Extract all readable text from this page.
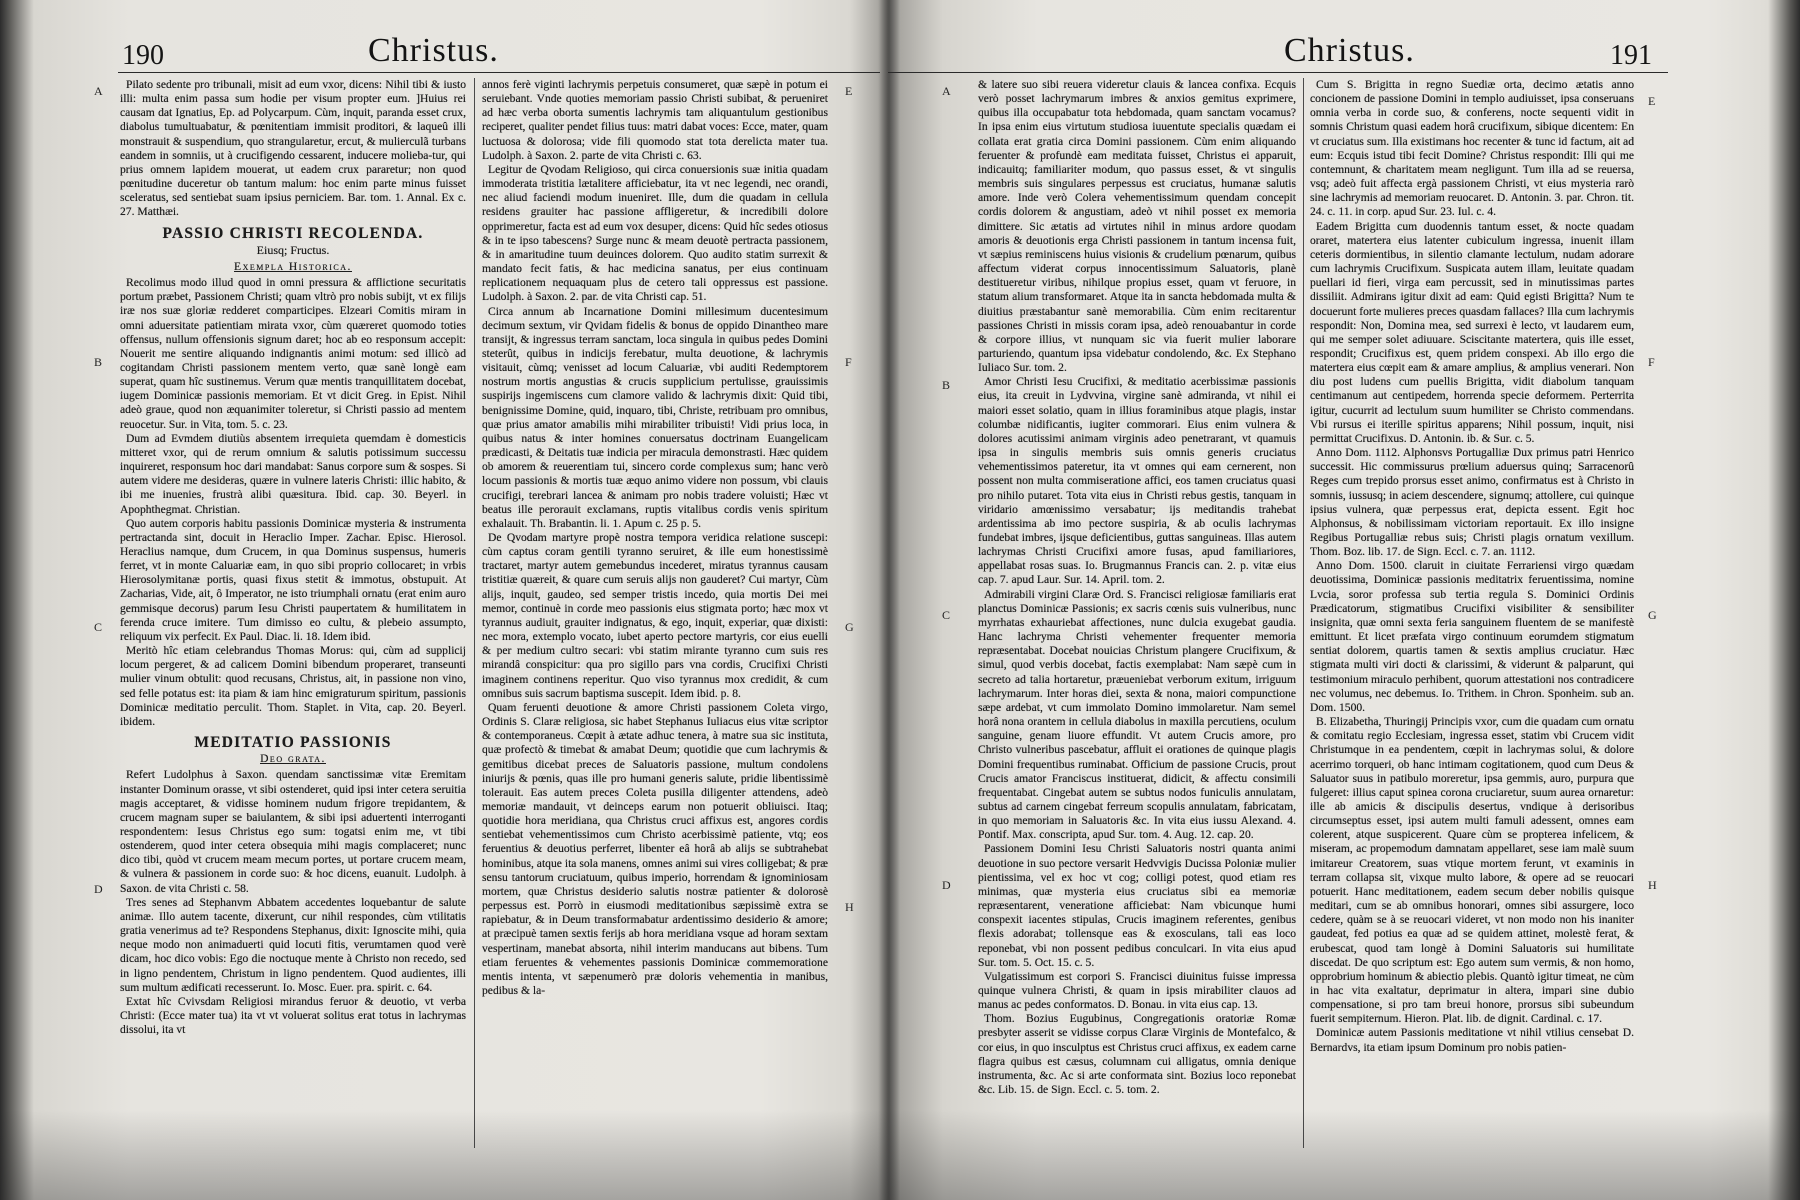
190	Christus.
A
B
C
D
E
F
G
H

Pilato sedente pro tribunali, misit ad eum vxor, dicens: Nihil tibi & iusto illi: multa enim passa sum hodie per visum propter eum. ]Huius rei causam dat Ignatius, Ep. ad Polycarpum. Cùm, inquit, paranda esset crux, diabolus tumultuabatur, & pœnitentiam immisit proditori, & laqueû illi monstrauit & suspendium, quo strangularetur, ercut, & mulierculã turbans eandem in somniis, ut à crucifigendo cessarent, inducere molieba-tur, qui prius omnem lapidem mouerat, ut eadem crux pararetur; non quod pœnitudine duceretur ob tantum malum: hoc enim parte minus fuisset sceleratus, sed sentiebat suam ipsius perniciem. Bar. tom. 1. Annal. Ex c. 27. Matthæi.

PASSIO CHRISTI RECOLENDA.

Eiusq; Fructus.

Exempla Historica.

Recolimus modo illud quod in omni pressura & afflictione securitatis portum præbet, Passionem Christi; quam vltrò pro nobis subijt, vt ex filijs iræ nos suæ gloriæ redderet comparticipes. Elzeari Comitis miram in omni aduersitate patientiam mirata vxor, cùm quæreret quomodo toties offensus, nullum offensionis signum daret; hoc ab eo responsum accepit: Nouerit me sentire aliquando indignantis animi motum: sed illicò ad cogitandam Christi passionem mentem verto, quæ sanè longè eam superat, quam hîc sustinemus. Verum quæ mentis tranquillitatem docebat, iugem Dominicæ passionis memoriam. Et vt dicit Greg. in Epist. Nihil adeò graue, quod non æquanimiter toleretur, si Christi passio ad mentem reuocetur. Sur. in Vita, tom. 5. c. 23.

Dum ad Evmdem diutiùs absentem irrequieta quemdam è domesticis mitteret vxor, qui de rerum omnium & salutis potissimum successu inquireret, responsum hoc dari mandabat: Sanus corpore sum & sospes. Si autem videre me desideras, quære in vulnere lateris Christi: illic habito, & ibi me inuenies, frustrà alibi quæsitura. Ibid. cap. 30. Beyerl. in Apophthegmat. Christian.

Quo autem corporis habitu passionis Dominicæ mysteria & instrumenta pertractanda sint, docuit in Heraclio Imper. Zachar. Episc. Hierosol. Heraclius namque, dum Crucem, in qua Dominus suspensus, humeris ferret, vt in monte Caluariæ eam, in quo sibi proprio collocaret; in vrbis Hierosolymitanæ portis, quasi fixus stetit & immotus, obstupuit. At Zacharias, Vide, ait, ô Imperator, ne isto triumphali ornatu (erat enim auro gemmisque decorus) parum Iesu Christi paupertatem & humilitatem in ferenda cruce imitere. Tum dimisso eo cultu, & plebeio assumpto, reliquum vix perfecit. Ex Paul. Diac. li. 18. Idem ibid.

Meritò hîc etiam celebrandus Thomas Morus: qui, cùm ad supplicij locum pergeret, & ad calicem Domini bibendum properaret, transeunti mulier vinum obtulit: quod recusans, Christus, ait, in passione non vino, sed felle potatus est: ita piam & iam hinc emigraturum spiritum, passionis Dominicæ meditatio perculit. Thom. Staplet. in Vita, cap. 20. Beyerl. ibidem.

MEDITATIO PASSIONIS

Deo grata.

Refert Ludolphus à Saxon. quendam sanctissimæ vitæ Eremitam instanter Dominum orasse, vt sibi ostenderet, quid ipsi inter cetera seruitia magis acceptaret, & vidisse hominem nudum frigore trepidantem, & crucem magnam super se baiulantem, & sibi ipsi aduertenti interroganti respondentem: Iesus Christus ego sum: togatsi enim me, vt tibi ostenderem, quod inter cetera obsequia mihi magis complaceret; nunc dico tibi, quòd vt crucem meam mecum portes, ut portare crucem meam, & vulnera & passionem in corde suo: & hoc dicens, euanuit. Ludolph. à Saxon. de vita Christi c. 58.

Tres senes ad Stephanvm Abbatem accedentes loquebantur de salute animæ. Illo autem tacente, dixerunt, cur nihil respondes, cùm vtilitatis gratia venerimus ad te? Respondens Stephanus, dixit: Ignoscite mihi, quia neque modo non animaduerti quid locuti fitis, verumtamen quod verè dicam, hoc dico vobis: Ego die noctuque mente à Christo non recedo, sed in ligno pendentem, Christum in ligno pendentem. Quod audientes, illi sum multum ædificati recesserunt. Io. Mosc. Euer. pra. spirit. c. 64.

Extat hîc Cvivsdam Religiosi mirandus feruor & deuotio, vt verba Christi: (Ecce mater tua) ita vt vt voluerat solitus erat totus in lachrymas dissolui, ita vt

annos ferè viginti lachrymis perpetuis consumeret, quæ sæpè in potum ei seruiebant. Vnde quoties memoriam passio Christi subibat, & perueniret ad hæc verba oborta sumentis lachrymis tam aliquantulum gestionibus reciperet, qualiter pendet filius tuus: matri dabat voces: Ecce, mater, quam luctuosa & dolorosa; vide fili quomodo stat tota dereliсta mater tua. Ludolph. à Saxon. 2. parte de vita Christi c. 63.

Legitur de Qvodam Religioso, qui circa conuersionis suæ initia quadam immoderata tristitia lætalitere afficiebatur, ita vt nec legendi, nec orandi, nec aliud faciendi modum inueniret. Ille, dum die quadam in cellula residens grauiter hac passione affligeretur, & incredibili dolore opprimeretur, facta est ad eum vox desuper, dicens: Quid hîc sedes otiosus & in te ipso tabescens? Surge nunc & meam deuotè pertracta passionem, & in amaritudine tuum deuinces dolorem. Quo audito statim surrexit & mandato fecit fatis, & hac medicina sanatus, per eius continuam replicationem nequaquam plus de cetero tali oppressus est passione. Ludolph. à Saxon. 2. par. de vita Christi cap. 51.

Circa annum ab Incarnatione Domini millesimum ducentesimum decimum sextum, vir Qvidam fidelis & bonus de oppido Dinantheo mare transijt, & ingressus terram sanctam, loca singula in quibus pedes Domini steterût, quibus in indicijs ferebatur, multa deuotione, & lachrymis visitauit, cùmq; venisset ad locum Caluariæ, vbi auditi Redemptorem nostrum mortis angustias & crucis supplicium pertulisse, grauissimis suspirijs ingemiscens cum clamore valido & lachrymis dixit: Quid tibi, benignissime Domine, quid, inquaro, tibi, Christe, retribuam pro omnibus, quæ prius amator amabilis mihi mirabiliter tribuisti! Vidi prius loca, in quibus natus & inter homines conuersatus doctrinam Euangelicam prædicasti, & Deitatis tuæ indicia per miracula demonstrasti. Hæc quidem ob amorem & reuerentiam tui, sincero corde complexus sum; hanc verò locum passionis & mortis tuæ æquo animo videre non possum, vbi clauis crucifigi, terebrari lancea & animam pro nobis tradere voluisti; Hæc vt beatus ille perorauit exclamans, ruptis vitalibus cordis venis spiritum exhalauit. Th. Brabantin. li. 1. Apum c. 25 p. 5.

De Qvodam martyre propè nostra tempora veridica relatione suscepi: cùm captus coram gentili tyranno seruiret, & ille eum honestissimè tractaret, martyr autem gemebundus incederet, miratus tyrannus causam tristitiæ quæreit, & quare cum seruis alijs non gauderet? Cui martyr, Cùm alijs, inquit, gaudeo, sed semper tristis incedo, quia mortis Dei mei memor, continuè in corde meo passionis eius stigmata porto; hæc mox vt tyrannus audiuit, grauiter indignatus, & ego, inquit, experiar, quæ dixisti: nec mora, extemplo vocato, iubet aperto pectore martyris, cor eius euelli & per medium cultro secari: vbi statim mirante tyranno cum suis res mirandâ conspicitur: qua pro sigillo pars vna cordis, Crucifixi Christi imaginem continens reperitur. Quo viso tyrannus mox credidit, & cum omnibus suis sacrum baptisma suscepit. Idem ibid. p. 8.

Quam feruenti deuotione & amore Christi passionem Coleta virgo, Ordinis S. Claræ religiosa, sic habet Stephanus Iuliacus eius vitæ scriptor & contemporaneus. Cœpit à ætate adhuc tenera, à matre sua sic instituta, quæ profectò & timebat & amabat Deum; quotidie que cum lachrymis & gemitibus dicebat preces de Saluatoris passione, multum condolens iniurijs & pœnis, quas ille pro humani generis salute, pridie libentissimè tolerauit. Eas autem preces Coleta pusilla diligenter attendens, adeò memoriæ mandauit, vt deinceps earum non potuerit obliuisci. Itaq; quotidie hora meridiana, qua Christus cruci affixus est, angores cordis sentiebat vehementissimos cum Christo acerbissimè patiente, vtq; eos feruentius & deuotius perferret, libenter eâ horâ ab alijs se subtrahebat hominibus, atque ita sola manens, omnes animi sui vires colligebat; & præ sensu tantorum cruciatuum, quibus imperio, horrendam & ignominiosam mortem, quæ Christus desiderio salutis nostræ patienter & dolorosè perpessus est. Porrò in eiusmodi meditationibus sæpissimè extra se rapiebatur, & in Deum transformabatur ardentissimo desiderio & amore; at præcipuè tamen sextis ferijs ab hora meridiana vsque ad horam sextam vespertinam, manebat absorta, nihil interim manducans aut bibens. Tum etiam feruentes & vehementes passionis Dominicæ commemoratione mentis intenta, vt sæpenumerò præ doloris vehementia in manibus, pedibus & la-

Christus.	191
A
B
C
D
E
F
G
H

& latere suo sibi reuera videretur clauis & lancea confixa. Ecquis verò posset lachrymarum imbres & anxios gemitus exprimere, quibus illa occupabatur tota hebdomada, quam sanctam vocamus? In ipsa enim eius virtutum studiosa iuuentute specialis quædam ei collata erat gratia circa Domini passionem. Cùm enim aliquando feruenter & profundè eam meditata fuisset, Christus ei apparuit, indicauitq; familiariter modum, quo passus esset, & vt singulis membris suis singulares perpessus est cruciatus, humanæ salutis amore. Inde verò Colera vehementissimum quendam concepit cordis dolorem & angustiam, adeò vt nihil posset ex memoria dimittere. Sic ætatis ad virtutes nihil in minus ardore quodam amoris & deuotionis erga Christi passionem in tantum incensa fuit, vt sæpius reminiscens huius visionis & crudelium pœnarum, quibus affectum viderat corpus innocentissimum Saluatoris, planè destitueretur viribus, nihilque propius esset, quam vt feruore, in statum alium transformaret. Atque ita in sancta hebdomada multa & diuitius præstabantur sanè memorabilia. Cùm enim recitarentur passiones Christi in missis coram ipsa, adeò renouabantur in corde & corpore illius, vt nunquam sic via fuerit mulier laborare parturiendo, quantum ipsa videbatur condolendo, &c. Ex Stephano Iuliaco Sur. tom. 2.

Amor Christi Iesu Crucifixi, & meditatio acerbissimæ passionis eius, ita creuit in Lydvvina, virgine sanè admiranda, vt nihil ei maiori esset solatio, quam in illius foraminibus atque plagis, instar columbæ nidificantis, iugiter commorari. Eius enim vulnera & dolores acutissimi animam virginis adeo penetrarant, vt quamuis ipsa in singulis membris suis omnis generis cruciatus vehementissimos pateretur, ita vt omnes qui eam cernerent, non possent non multa commiseratione affici, eos tamen cruciatus quasi pro nihilo putaret. Tota vita eius in Christi rebus gestis, tanquam in viridario amœnissimo versabatur; ijs meditandis trahebat ardentissima ab imo pectore suspiria, & ab oculis lachrymas fundebat imbres, ijsque deficientibus, guttas sanguineas. Illas autem lachrymas Christi Crucifixi amore fusas, apud familiariores, appellabat rosas suas. Io. Brugmannus Francis can. 2. p. vitæ eius cap. 7. apud Laur. Sur. 14. April. tom. 2.

Admirabili virgini Claræ Ord. S. Francisci religiosæ familiaris erat planctus Dominicæ Passionis; ex sacris cœnis suis vulneribus, nunc myrrhatas exhauriebat affectiones, nunc dulcia exugebat gaudia. Hanc lachryma Christi vehementer frequenter memoria repræsentabat. Docebat nouicias Christum plangere Crucifixum, & simul, quod verbis docebat, factis exemplabat: Nam sæpè cum in secreto ad talia hortaretur, præueniebat verborum exitum, irriguum lachrymarum. Inter horas diei, sexta & nona, maiori compunctione sæpe ardebat, vt cum immolato Domino immolaretur. Nam semel horâ nona orantem in cellula diabolus in maxilla percutiens, oculum sanguine, genam liuore effundit. Vt autem Crucis amore, pro Christo vulneribus pascebatur, affluit ei orationes de quinque plagis Domini frequentibus ruminabat. Officium de passione Crucis, prout Crucis amator Franciscus instituerat, didicit, & affectu consimili frequentabat. Cingebat autem se subtus nodos funiculis annulatam, subtus ad carnem cingebat ferreum scopulis annulatam, fabricatam, in quo memoriam in Saluatoris &c. In vita eius iussu Alexand. 4. Pontif. Max. conscripta, apud Sur. tom. 4. Aug. 12. cap. 20.

Passionem Domini Iesu Christi Saluatoris nostri quanta animi deuotione in suo pectore versarit Hedvvigis Ducissa Poloniæ mulier pientissima, vel ex hoc vt cog; colligi potest, quod etiam res minimas, quæ mysteria eius cruciatus sibi ea memoriæ repræsentarent, veneratione afficiebat: Nam vbicunque humi conspexit iacentes stipulas, Crucis imaginem referentes, genibus flexis adorabat; tollensque eas & exosculans, tali eas loco reponebat, vbi non possent pedibus conculcari. In vita eius apud Sur. tom. 5. Oct. 15. c. 5.

Vulgatissimum est corpori S. Francisci diuinitus fuisse impressa quinque vulnera Christi, & quam in ipsis mirabiliter clauos ad manus ac pedes conformatos. D. Bonau. in vita eius cap. 13.

Thom. Bozius Eugubinus, Congregationis oratoriæ Romæ presbyter asserit se vidisse corpus Claræ Virginis de Montefalco, & cor eius, in quo insculptus est Christus cruci affixus, ex eadem carne flagra quibus est cæsus, columnam cui alligatus, omnia denique instrumenta, &c. Ac si arte conformata sint. Bozius loco reponebat &c. Lib. 15. de Sign. Eccl. c. 5. tom. 2.

Cum S. Brigitta in regno Suediæ orta, decimo ætatis anno concionem de passione Domini in templo audiuisset, ipsa conseruans omnia verba in corde suo, & conferens, nocte sequenti vidit in somnis Christum quasi eadem horâ crucifixum, sibique dicentem: En vt cruciatus sum. Illa existimans hoc recenter & tunc id factum, ait ad eum: Ecquis istud tibi fecit Domine? Christus respondit: Illi qui me contemnunt, & charitatem meam negligunt. Tum illa ad se reuersa, vsq; adeò fuit affecta ergà passionem Christi, vt eius mysteria rarò sine lachrymis ad memoriam reuocaret. D. Antonin. 3. par. Chron. tit. 24. c. 11. in corp. apud Sur. 23. Iul. c. 4.

Eadem Brigitta cum duodennis tantum esset, & nocte quadam oraret, matertera eius latenter cubiculum ingressa, inuenit illam ceteris dormientibus, in silentio clamante lectulum, nudam adorare cum lachrymis Crucifixum. Suspicata autem illam, leuitate quadam puellari id fieri, virga eam percussit, sed in minutissimas partes dissiliit. Admirans igitur dixit ad eam: Quid egisti Brigitta? Num te docuerunt forte mulieres preces quasdam fallaces? Illa cum lachrymis respondit: Non, Domina mea, sed surrexi è lecto, vt laudarem eum, qui me semper solet adiuuare. Sciscitante matertera, quis ille esset, respondit; Crucifixus est, quem pridem conspexi. Ab illo ergo die matertera eius cœpit eam & amare amplius, & amplius venerari. Non diu post ludens cum puellis Brigitta, vidit diabolum tanquam centimanum aut centipedem, horrenda specie deformem. Perterrita igitur, cucurrit ad lectulum suum humiliter se Christo commendans. Vbi rursus ei iterille spiritus apparens; Nihil possum, inquit, nisi permittat Crucifixus. D. Antonin. ib. & Sur. c. 5.

Anno Dom. 1112. Alphonsvs Portugalliæ Dux primus patri Henrico successit. Hic commissurus prœlium aduersus quinq; Sarracenorû Reges cum trepido prorsus esset animo, confirmatus est à Christo in somnis, iussusq; in aciem descendere, signumq; attollere, cui quinque ipsius vulnera, quæ perpessus erat, depicta essent. Egit hoc Alphonsus, & nobilissimam victoriam reportauit. Ex illo insigne Regibus Portugalliæ rebus suis; Christi plagis ornatum vexillum. Thom. Boz. lib. 17. de Sign. Eccl. c. 7. an. 1112.

Anno Dom. 1500. claruit in ciuitate Ferrariensi virgo quædam deuotissima, Dominicæ passionis meditatrix feruentissima, nomine Lvcia, soror professa sub tertia regula S. Dominici Ordinis Prædicatorum, stigmatibus Crucifixi visibiliter & sensibiliter insignita, quæ omni sexta feria sanguinem fluentem de se manifestè emittunt. Et licet præfata virgo continuum eorumdem stigmatum sentiat dolorem, quartis tamen & sextis amplius cruciatur. Hæc stigmata multi viri docti & clarissimi, & viderunt & palparunt, qui testimonium miraculo perhibent, quorum attestationi nos contradicere nec volumus, nec debemus. Io. Trithem. in Chron. Sponheim. sub an. Dom. 1500.

B. Elizabetha, Thuringij Principis vxor, cum die quadam cum ornatu & comitatu regio Ecclesiam, ingressa esset, statim vbi Crucem vidit Christumque in ea pendentem, cœpit in lachrymas solui, & dolore acerrimo torqueri, ob hanc intimam cogitationem, quod cum Deus & Saluator suus in patibulo moreretur, ipsa gemmis, auro, purpura que fulgeret: illius caput spinea corona cruciaretur, suum aurea ornaretur: ille ab amicis & discipulis desertus, vndique à derisoribus circumseptus esset, ipsi autem multi famuli adessent, omnes eam colerent, atque suspicerent. Quare cùm se propterea infelicem, & miseram, ac propemodum damnatam appellaret, sese iam malè suum imitareur Creatorem, suas vtique mortem ferunt, vt examinis in terram collapsa sit, vixque multo labore, & opere ad se reuocari potuerit. Hanc meditationem, eadem secum deber nobilis quisque meditari, cum se ab omnibus honorari, omnes sibi assurgere, loco cedere, quàm se à se reuocari videret, vt non modo non his inaniter gaudeat, fed potius ea quæ ad se quidem attinet, molestè ferat, & erubescat, quod tam longè à Domini Saluatoris sui humilitate discedat. De quo scriptum est: Ego autem sum vermis, & non homo, opprobrium hominum & abiectio plebis. Quantò igitur timeat, ne cùm in hac vita exaltatur, deprimatur in altera, impari sine dubio compensatione, si pro tam breui honore, prorsus sibi subeundum fuerit sempiternum. Hieron. Plat. lib. de dignit. Cardinal. c. 17.

Dominicæ autem Passionis meditatione vt nihil vtilius censebat D. Bernardvs, ita etiam ipsum Dominum pro nobis patien-
